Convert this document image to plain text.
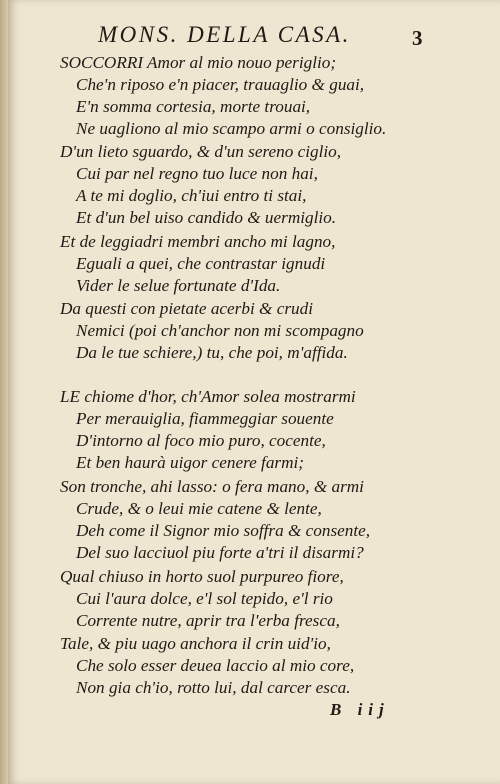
MONS. DELLA CASA.	3
SOCCORRI Amor al mio nouo periglio;
Che'n riposo e'n piacer, trauaglio & guai,
E'n somma cortesia, morte trouai,
Ne uagliono al mio scampo armi o consiglio.
D'un lieto sguardo, & d'un sereno ciglio,
Cui par nel regno tuo luce non hai,
A te mi doglio, ch'iui entro ti stai,
Et d'un bel uiso candido & uermiglio.
Et de leggiadri membri ancho mi lagno,
Eguali a quei, che contrastar ignudi
Vider le selue fortunate d'Ida.
Da questi con pietate acerbi & crudi
Nemici (poi ch'anchor non mi scompagno
Da le tue schiere,) tu, che poi, m'affida.
LE chiome d'hor, ch'Amor solea mostrarmi
Per merauiglia, fiammeggiar souente
D'intorno al foco mio puro, cocente,
Et ben haurà uigor cenere farmi;
Son tronche, ahi lasso: o fera mano, & armi
Crude, & o leui mie catene & lente,
Deh come il Signor mio soffra & consente,
Del suo lacciuol piu forte a'tri il disarmi?
Qual chiuso in horto suol purpureo fiore,
Cui l'aura dolce, e'l sol tepido, e'l rio
Corrente nutre, aprir tra l'erba fresca,
Tale, & piu uago anchora il crin uid'io,
Che solo esser deuea laccio al mio core,
Non gia ch'io, rotto lui, dal carcer esca.
B iij
